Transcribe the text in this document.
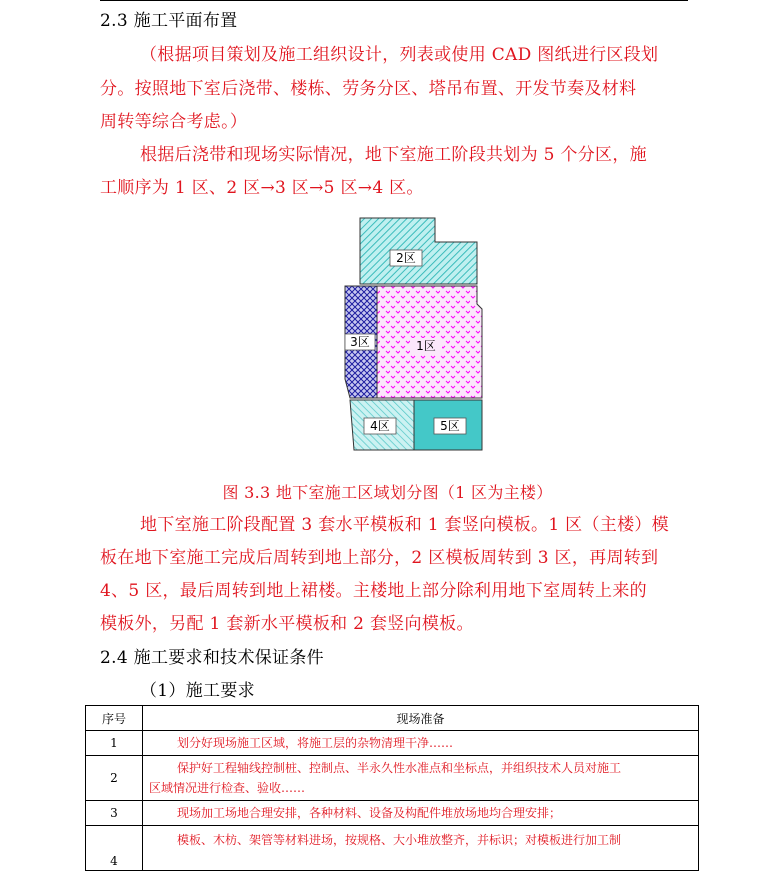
2.3 施工平面布置
（根据项目策划及施工组织设计，列表或使用 CAD 图纸进行区段划
分。按照地下室后浇带、楼栋、劳务分区、塔吊布置、开发节奏及材料
周转等综合考虑。）
根据后浇带和现场实际情况，地下室施工阶段共划为 5 个分区，施
工顺序为 1 区、2 区→3 区→5 区→4 区。
2区
3区	1区
4区	5区
图 3.3 地下室施工区域划分图（1 区为主楼）
地下室施工阶段配置 3 套水平模板和 1 套竖向模板。1 区（主楼）模
板在地下室施工完成后周转到地上部分，2 区模板周转到 3 区，再周转到
4、5 区，最后周转到地上裙楼。主楼地上部分除利用地下室周转上来的
模板外，另配 1 套新水平模板和 2 套竖向模板。
2.4 施工要求和技术保证条件
（1）施工要求
序号	现场准备
1	划分好现场施工区域，将施工层的杂物清理干净……

2	保护好工程轴线控制桩、控制点、半永久性水准点和坐标点，并组织技术人员对施工
区域情况进行检查、验收……

3	现场加工场地合理安排，各种材料、设备及构配件堆放场地均合理安排；

4	模板、木枋、架管等材料进场，按规格、大小堆放整齐，并标识；对模板进行加工制
